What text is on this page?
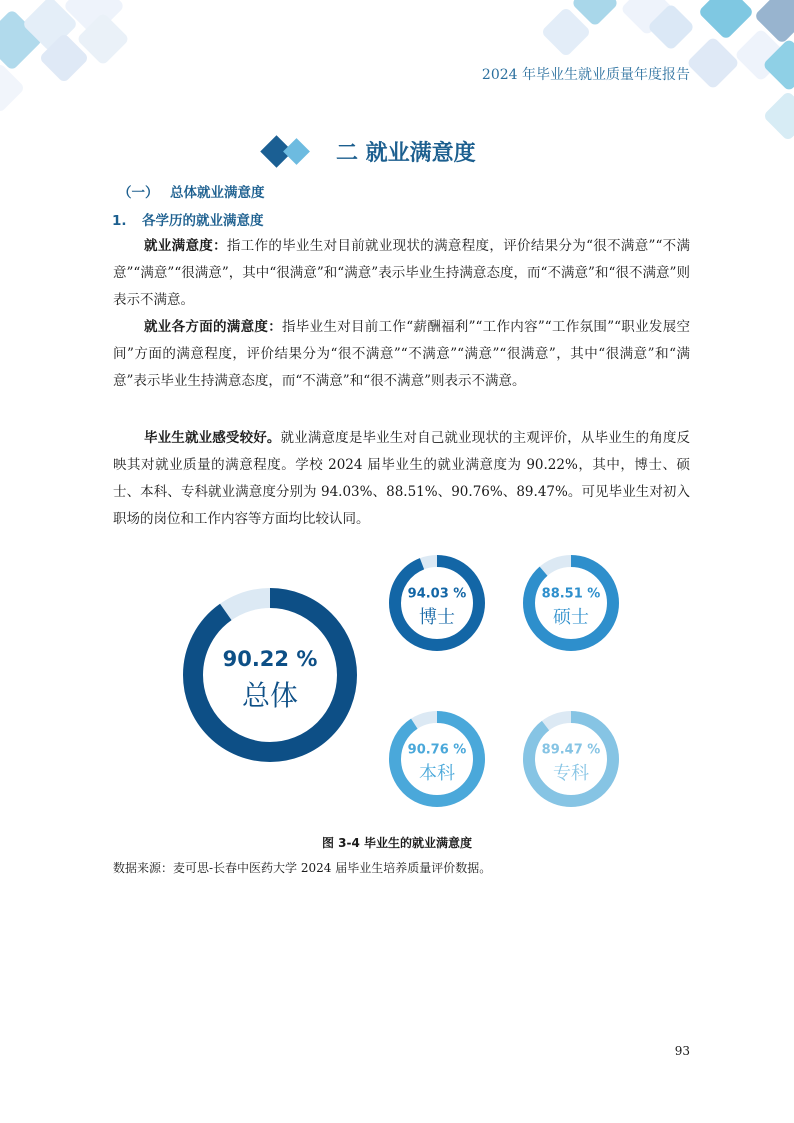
2024 年毕业生就业质量年度报告
二 就业满意度
（一） 总体就业满意度
1. 各学历的就业满意度

就业满意度：指工作的毕业生对目前就业现状的满意程度，评价结果分为“很不满意”“不满意”“满意”“很满意”，其中“很满意”和“满意”表示毕业生持满意态度，而“不满意”和“很不满意”则表示不满意。

就业各方面的满意度：指毕业生对目前工作“薪酬福利”“工作内容”“工作氛围”“职业发展空间”方面的满意程度，评价结果分为“很不满意”“不满意”“满意”“很满意”，其中“很满意”和“满意”表示毕业生持满意态度，而“不满意”和“很不满意”则表示不满意。

毕业生就业感受较好。就业满意度是毕业生对自己就业现状的主观评价，从毕业生的角度反映其对就业质量的满意程度。学校 2024 届毕业生的就业满意度为 90.22%，其中，博士、硕士、本科、专科就业满意度分别为 94.03%、88.51%、90.76%、89.47%。可见毕业生对初入职场的岗位和工作内容等方面均比较认同。

90.22 %
总体
94.03 %
博士
88.51 %
硕士
90.76 %
本科
89.47 %
专科
图 3-4 毕业生的就业满意度
数据来源：麦可思-长春中医药大学 2024 届毕业生培养质量评价数据。
93
